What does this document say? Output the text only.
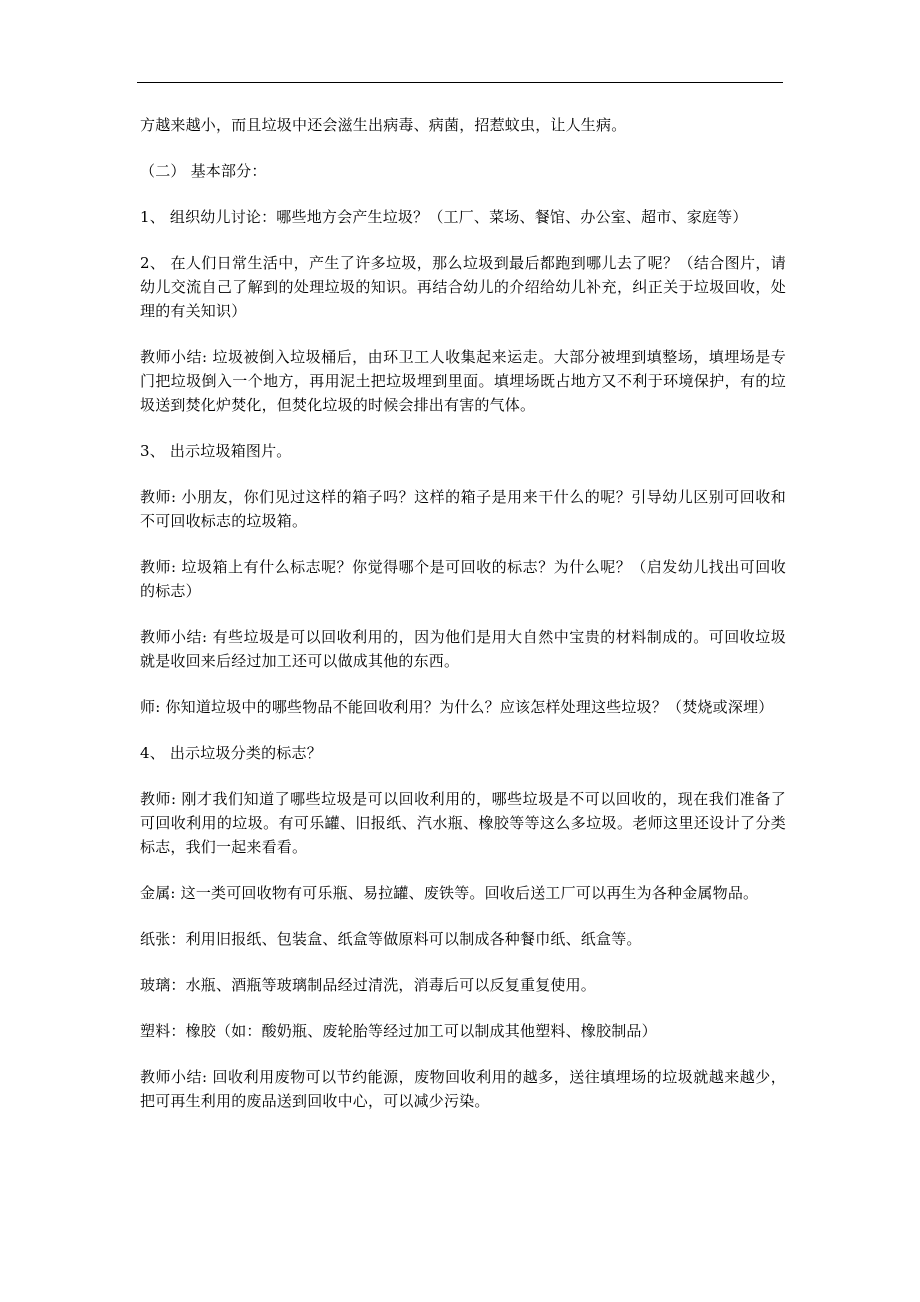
方越来越小，而且垃圾中还会滋生出病毒、病菌，招惹蚊虫，让人生病。

（二） 基本部分：

1、 组织幼儿讨论：哪些地方会产生垃圾？（工厂、菜场、餐馆、办公室、超市、家庭等）

2、 在人们日常生活中，产生了许多垃圾，那么垃圾到最后都跑到哪儿去了呢？（结合图片，请幼儿交流自己了解到的处理垃圾的知识。再结合幼儿的介绍给幼儿补充，纠正关于垃圾回收，处理的有关知识）

教师小结: 垃圾被倒入垃圾桶后，由环卫工人收集起来运走。大部分被埋到填整场，填埋场是专门把垃圾倒入一个地方，再用泥土把垃圾埋到里面。填埋场既占地方又不利于环境保护，有的垃圾送到焚化炉焚化，但焚化垃圾的时候会排出有害的气体。

3、 出示垃圾箱图片。

教师: 小朋友，你们见过这样的箱子吗？这样的箱子是用来干什么的呢？引导幼儿区别可回收和不可回收标志的垃圾箱。

教师: 垃圾箱上有什么标志呢？你觉得哪个是可回收的标志？为什么呢？（启发幼儿找出可回收的标志）

教师小结: 有些垃圾是可以回收利用的，因为他们是用大自然中宝贵的材料制成的。可回收垃圾就是收回来后经过加工还可以做成其他的东西。

师: 你知道垃圾中的哪些物品不能回收利用？为什么？应该怎样处理这些垃圾？（焚烧或深埋）

4、 出示垃圾分类的标志？

教师: 刚才我们知道了哪些垃圾是可以回收利用的，哪些垃圾是不可以回收的，现在我们准备了可回收利用的垃圾。有可乐罐、旧报纸、汽水瓶、橡胶等等这么多垃圾。老师这里还设计了分类标志，我们一起来看看。

金属: 这一类可回收物有可乐瓶、易拉罐、废铁等。回收后送工厂可以再生为各种金属物品。

纸张：利用旧报纸、包装盒、纸盒等做原料可以制成各种餐巾纸、纸盒等。

玻璃：水瓶、酒瓶等玻璃制品经过清洗，消毒后可以反复重复使用。

塑料：橡胶（如：酸奶瓶、废轮胎等经过加工可以制成其他塑料、橡胶制品）

教师小结: 回收利用废物可以节约能源，废物回收利用的越多，送往填埋场的垃圾就越来越少，把可再生利用的废品送到回收中心，可以减少污染。
